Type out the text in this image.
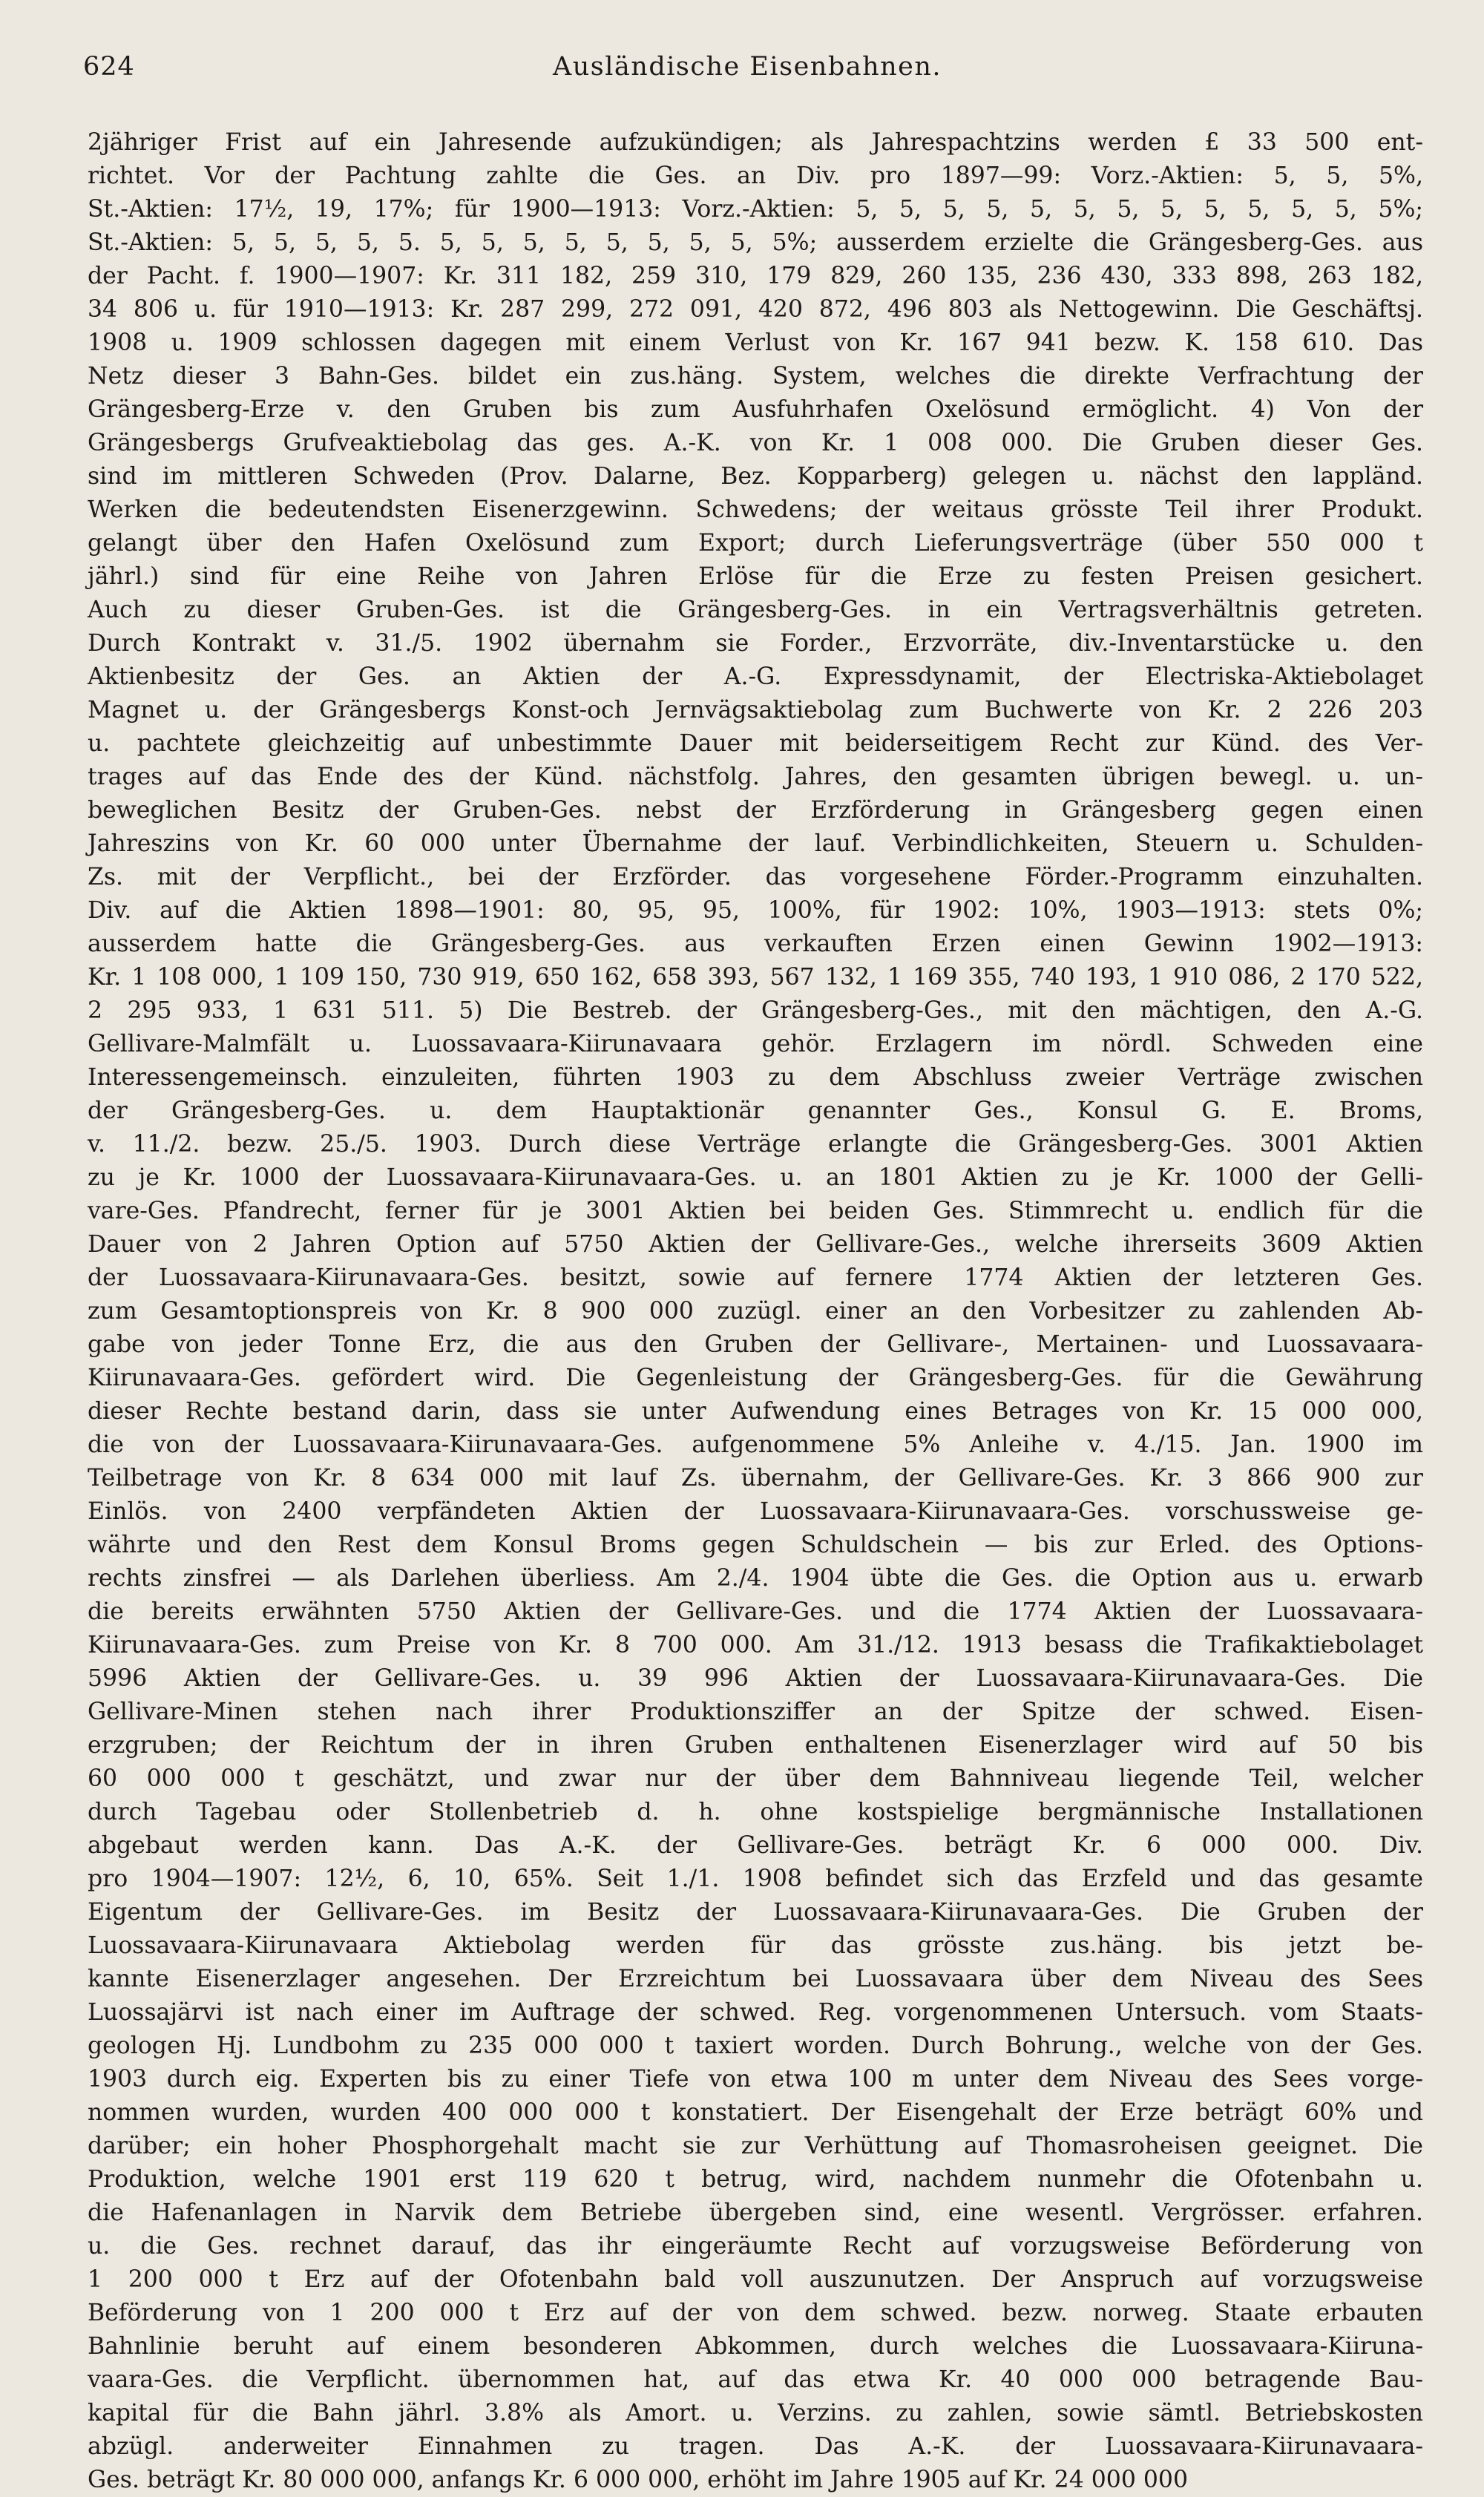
624	Ausländische Eisenbahnen.
2jähriger Frist auf ein Jahresende aufzukündigen; als Jahrespachtzins werden £ 33 500 ent-
richtet. Vor der Pachtung zahlte die Ges. an Div. pro 1897—99: Vorz.-Aktien: 5, 5, 5%,
St.-Aktien: 17½, 19, 17%; für 1900—1913: Vorz.-Aktien: 5, 5, 5, 5, 5, 5, 5, 5, 5, 5, 5, 5, 5%;
St.-Aktien: 5, 5, 5, 5, 5. 5, 5, 5, 5, 5, 5, 5, 5, 5%; ausserdem erzielte die Grängesberg-Ges. aus
der Pacht. f. 1900—1907: Kr. 311 182, 259 310, 179 829, 260 135, 236 430, 333 898, 263 182,
34 806 u. für 1910—1913: Kr. 287 299, 272 091, 420 872, 496 803 als Nettogewinn. Die Geschäftsj.
1908 u. 1909 schlossen dagegen mit einem Verlust von Kr. 167 941 bezw. K. 158 610. Das
Netz dieser 3 Bahn-Ges. bildet ein zus.häng. System, welches die direkte Verfrachtung der
Grängesberg-Erze v. den Gruben bis zum Ausfuhrhafen Oxelösund ermöglicht. 4) Von der
Grängesbergs Grufveaktiebolag das ges. A.-K. von Kr. 1 008 000. Die Gruben dieser Ges.
sind im mittleren Schweden (Prov. Dalarne, Bez. Kopparberg) gelegen u. nächst den lappländ.
Werken die bedeutendsten Eisenerzgewinn. Schwedens; der weitaus grösste Teil ihrer Produkt.
gelangt über den Hafen Oxelösund zum Export; durch Lieferungsverträge (über 550 000 t
jährl.) sind für eine Reihe von Jahren Erlöse für die Erze zu festen Preisen gesichert.
Auch zu dieser Gruben-Ges. ist die Grängesberg-Ges. in ein Vertragsverhältnis getreten.
Durch Kontrakt v. 31./5. 1902 übernahm sie Forder., Erzvorräte, div.-Inventarstücke u. den
Aktienbesitz der Ges. an Aktien der A.-G. Expressdynamit, der Electriska-Aktiebolaget
Magnet u. der Grängesbergs Konst-och Jernvägsaktiebolag zum Buchwerte von Kr. 2 226 203
u. pachtete gleichzeitig auf unbestimmte Dauer mit beiderseitigem Recht zur Künd. des Ver-
trages auf das Ende des der Künd. nächstfolg. Jahres, den gesamten übrigen bewegl. u. un-
beweglichen Besitz der Gruben-Ges. nebst der Erzförderung in Grängesberg gegen einen
Jahreszins von Kr. 60 000 unter Übernahme der lauf. Verbindlichkeiten, Steuern u. Schulden-
Zs. mit der Verpflicht., bei der Erzförder. das vorgesehene Förder.-Programm einzuhalten.
Div. auf die Aktien 1898—1901: 80, 95, 95, 100%, für 1902: 10%, 1903—1913: stets 0%;
ausserdem hatte die Grängesberg-Ges. aus verkauften Erzen einen Gewinn 1902—1913:
Kr. 1 108 000, 1 109 150, 730 919, 650 162, 658 393, 567 132, 1 169 355, 740 193, 1 910 086, 2 170 522,
2 295 933, 1 631 511. 5) Die Bestreb. der Grängesberg-Ges., mit den mächtigen, den A.-G.
Gellivare-Malmfält u. Luossavaara-Kiirunavaara gehör. Erzlagern im nördl. Schweden eine
Interessengemeinsch. einzuleiten, führten 1903 zu dem Abschluss zweier Verträge zwischen
der Grängesberg-Ges. u. dem Hauptaktionär genannter Ges., Konsul G. E. Broms,
v. 11./2. bezw. 25./5. 1903. Durch diese Verträge erlangte die Grängesberg-Ges. 3001 Aktien
zu je Kr. 1000 der Luossavaara-Kiirunavaara-Ges. u. an 1801 Aktien zu je Kr. 1000 der Gelli-
vare-Ges. Pfandrecht, ferner für je 3001 Aktien bei beiden Ges. Stimmrecht u. endlich für die
Dauer von 2 Jahren Option auf 5750 Aktien der Gellivare-Ges., welche ihrerseits 3609 Aktien
der Luossavaara-Kiirunavaara-Ges. besitzt, sowie auf fernere 1774 Aktien der letzteren Ges.
zum Gesamtoptionspreis von Kr. 8 900 000 zuzügl. einer an den Vorbesitzer zu zahlenden Ab-
gabe von jeder Tonne Erz, die aus den Gruben der Gellivare-, Mertainen- und Luossavaara-
Kiirunavaara-Ges. gefördert wird. Die Gegenleistung der Grängesberg-Ges. für die Gewährung
dieser Rechte bestand darin, dass sie unter Aufwendung eines Betrages von Kr. 15 000 000,
die von der Luossavaara-Kiirunavaara-Ges. aufgenommene 5% Anleihe v. 4./15. Jan. 1900 im
Teilbetrage von Kr. 8 634 000 mit lauf Zs. übernahm, der Gellivare-Ges. Kr. 3 866 900 zur
Einlös. von 2400 verpfändeten Aktien der Luossavaara-Kiirunavaara-Ges. vorschussweise ge-
währte und den Rest dem Konsul Broms gegen Schuldschein — bis zur Erled. des Options-
rechts zinsfrei — als Darlehen überliess. Am 2./4. 1904 übte die Ges. die Option aus u. erwarb
die bereits erwähnten 5750 Aktien der Gellivare-Ges. und die 1774 Aktien der Luossavaara-
Kiirunavaara-Ges. zum Preise von Kr. 8 700 000. Am 31./12. 1913 besass die Trafikaktiebolaget
5996 Aktien der Gellivare-Ges. u. 39 996 Aktien der Luossavaara-Kiirunavaara-Ges. Die
Gellivare-Minen stehen nach ihrer Produktionsziffer an der Spitze der schwed. Eisen-
erzgruben; der Reichtum der in ihren Gruben enthaltenen Eisenerzlager wird auf 50 bis
60 000 000 t geschätzt, und zwar nur der über dem Bahnniveau liegende Teil, welcher
durch Tagebau oder Stollenbetrieb d. h. ohne kostspielige bergmännische Installationen
abgebaut werden kann. Das A.-K. der Gellivare-Ges. beträgt Kr. 6 000 000. Div.
pro 1904—1907: 12½, 6, 10, 65%. Seit 1./1. 1908 befindet sich das Erzfeld und das gesamte
Eigentum der Gellivare-Ges. im Besitz der Luossavaara-Kiirunavaara-Ges. Die Gruben der
Luossavaara-Kiirunavaara Aktiebolag werden für das grösste zus.häng. bis jetzt be-
kannte Eisenerzlager angesehen. Der Erzreichtum bei Luossavaara über dem Niveau des Sees
Luossajärvi ist nach einer im Auftrage der schwed. Reg. vorgenommenen Untersuch. vom Staats-
geologen Hj. Lundbohm zu 235 000 000 t taxiert worden. Durch Bohrung., welche von der Ges.
1903 durch eig. Experten bis zu einer Tiefe von etwa 100 m unter dem Niveau des Sees vorge-
nommen wurden, wurden 400 000 000 t konstatiert. Der Eisengehalt der Erze beträgt 60% und
darüber; ein hoher Phosphorgehalt macht sie zur Verhüttung auf Thomasroheisen geeignet. Die
Produktion, welche 1901 erst 119 620 t betrug, wird, nachdem nunmehr die Ofotenbahn u.
die Hafenanlagen in Narvik dem Betriebe übergeben sind, eine wesentl. Vergrösser. erfahren.
u. die Ges. rechnet darauf, das ihr eingeräumte Recht auf vorzugsweise Beförderung von
1 200 000 t Erz auf der Ofotenbahn bald voll auszunutzen. Der Anspruch auf vorzugsweise
Beförderung von 1 200 000 t Erz auf der von dem schwed. bezw. norweg. Staate erbauten
Bahnlinie beruht auf einem besonderen Abkommen, durch welches die Luossavaara-Kiiruna-
vaara-Ges. die Verpflicht. übernommen hat, auf das etwa Kr. 40 000 000 betragende Bau-
kapital für die Bahn jährl. 3.8% als Amort. u. Verzins. zu zahlen, sowie sämtl. Betriebskosten
abzügl. anderweiter Einnahmen zu tragen. Das A.-K. der Luossavaara-Kiirunavaara-
Ges. beträgt Kr. 80 000 000, anfangs Kr. 6 000 000, erhöht im Jahre 1905 auf Kr. 24 000 000
